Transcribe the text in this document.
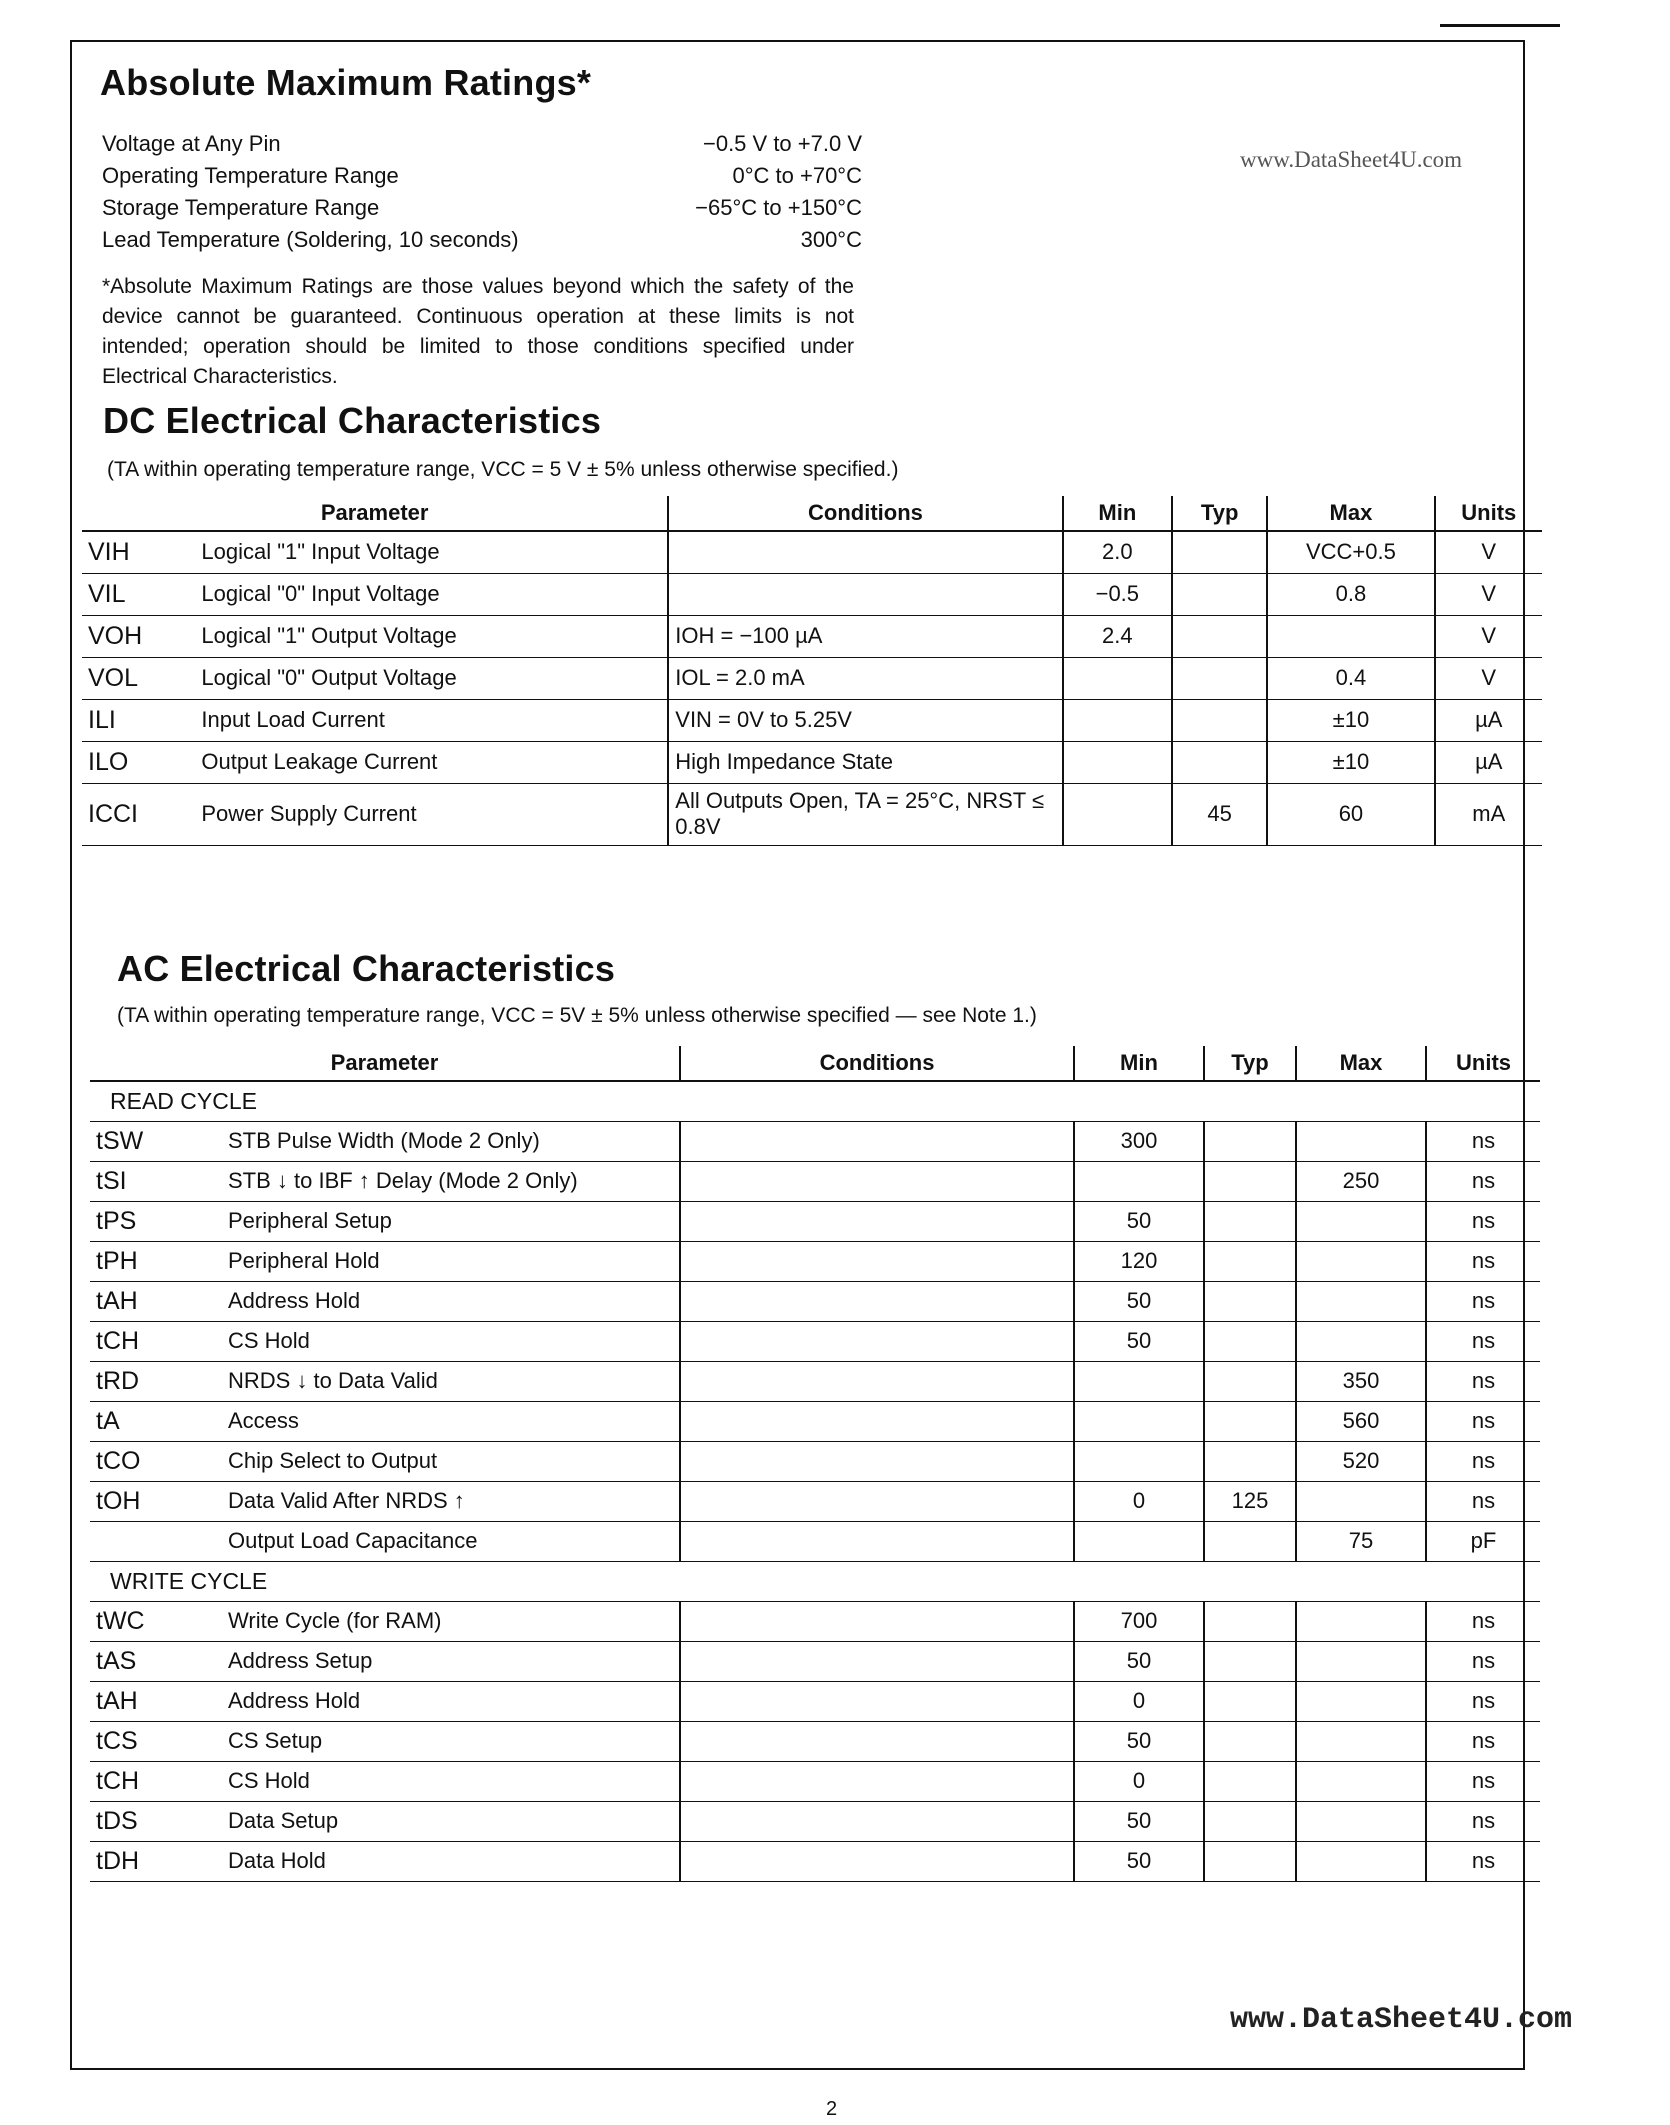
www.DataSheet4U.com
Absolute Maximum Ratings*
Voltage at Any Pin	−0.5 V to +7.0 V
Operating Temperature Range	0°C to +70°C
Storage Temperature Range	−65°C to +150°C
Lead Temperature (Soldering, 10 seconds)	300°C
*Absolute Maximum Ratings are those values beyond which the safety of the device cannot be guaranteed. Continuous operation at these limits is not intended; operation should be limited to those conditions specified under Electrical Characteristics.
DC Electrical Characteristics
(TA within operating temperature range, VCC = 5 V ± 5% unless otherwise specified.)
Parameter		Conditions	Min	Typ	Max	Units
VIH	Logical "1" Input Voltage		2.0		VCC+0.5	V
VIL	Logical "0" Input Voltage		−0.5		0.8	V
VOH	Logical "1" Output Voltage	IOH = −100 µA	2.4			V
VOL	Logical "0" Output Voltage	IOL = 2.0 mA			0.4	V
ILI	Input Load Current	VIN = 0V to 5.25V			±10	µA
ILO	Output Leakage Current	High Impedance State			±10	µA
ICCI	Power Supply Current	All Outputs Open, TA = 25°C, NRST ≤ 0.8V		45	60	mA
AC Electrical Characteristics
(TA within operating temperature range, VCC = 5V ± 5% unless otherwise specified — see Note 1.)
Parameter		Conditions	Min	Typ	Max	Units
READ CYCLE						
tSW	STB Pulse Width (Mode 2 Only)		300			ns
tSI	STB ↓ to IBF ↑ Delay (Mode 2 Only)				250	ns
tPS	Peripheral Setup		50			ns
tPH	Peripheral Hold		120			ns
tAH	Address Hold		50			ns
tCH	CS Hold		50			ns
tRD	NRDS ↓ to Data Valid				350	ns
tA	Access				560	ns
tCO	Chip Select to Output				520	ns
tOH	Data Valid After NRDS ↑		0	125		ns
	Output Load Capacitance				75	pF
WRITE CYCLE						
tWC	Write Cycle (for RAM)		700			ns
tAS	Address Setup		50			ns
tAH	Address Hold		0			ns
tCS	CS Setup		50			ns
tCH	CS Hold		0			ns
tDS	Data Setup		50			ns
tDH	Data Hold		50			ns
www.DataSheet4U.com
2
